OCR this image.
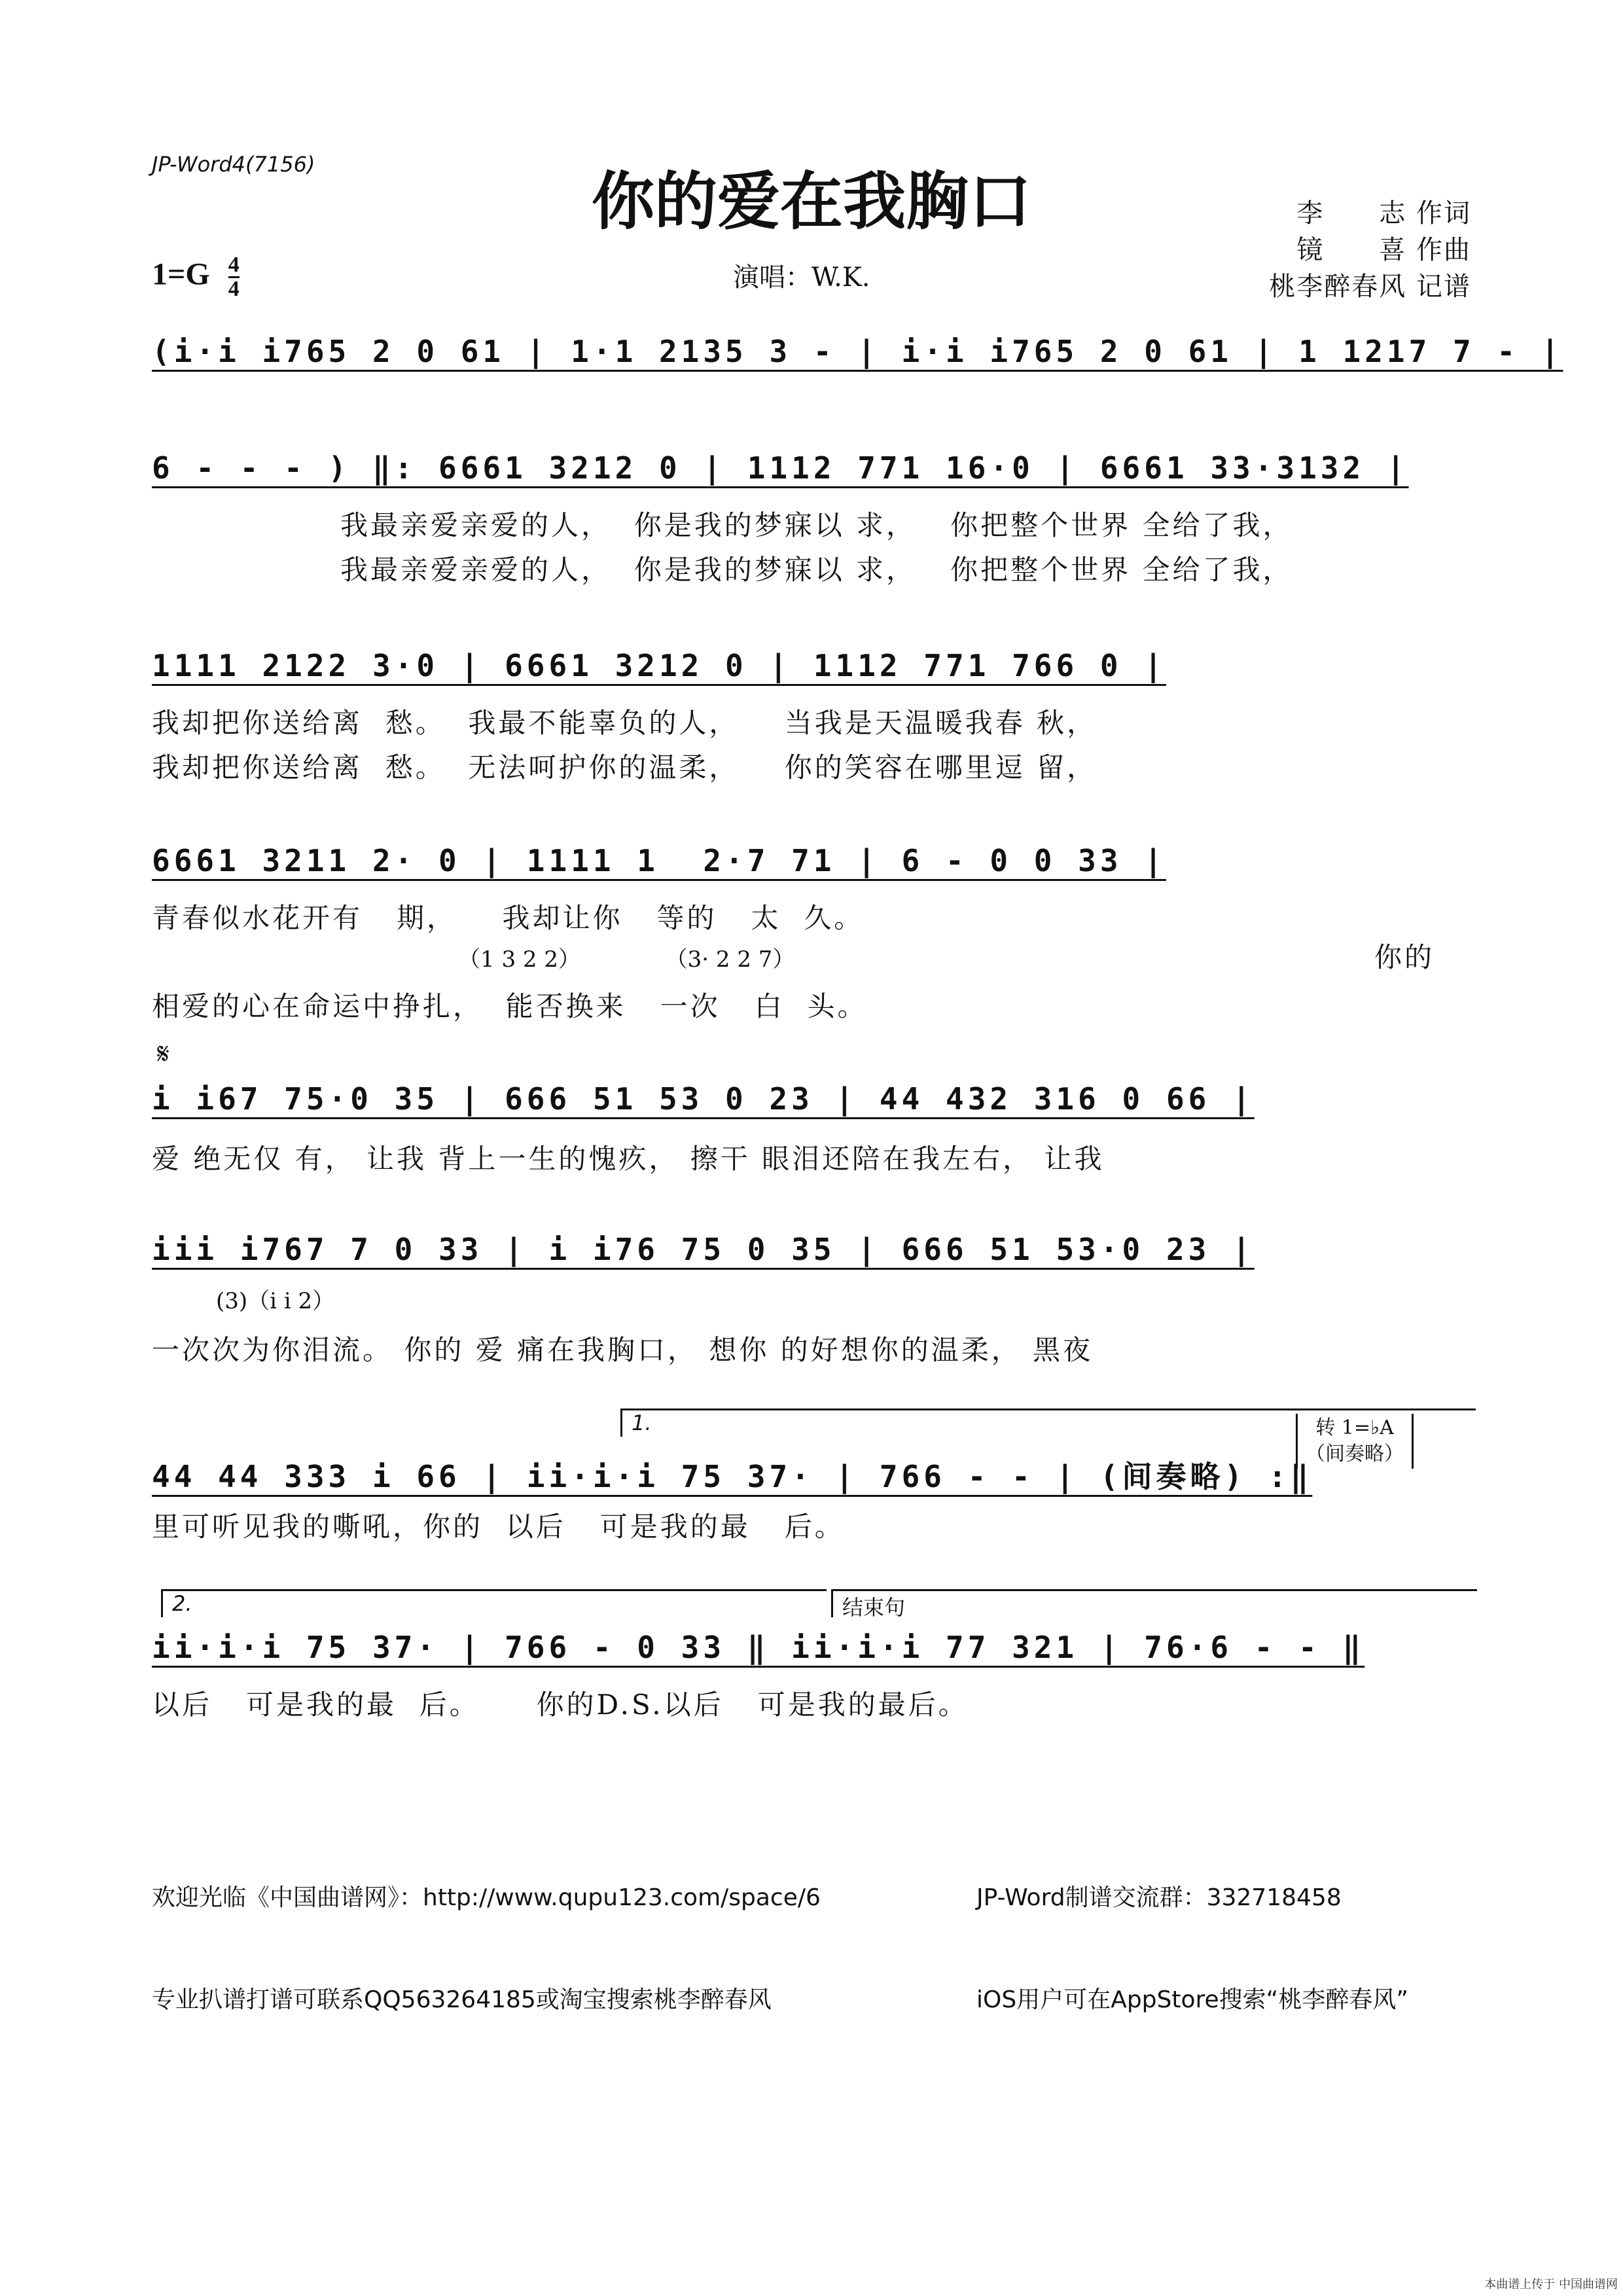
JP-Word4(7156)	你的爱在我胸口
$1=G \frac{4}{4}$	演唱：W.K.
李　　志 作词
镜　　喜 作曲
桃李醉春风 记谱
(i·i i765 2 0 61 | 1·1 2135 3 - | i·i i765 2 0 61 | 1 1217 7 - |
6 - - - ) ‖: 6661 3212 0 | 1112 771 16·0 | 6661 33·3132 |
我最亲爱亲爱的人，  你是我的梦寐以 求，   你把整个世界 全给了我，
我最亲爱亲爱的人，  你是我的梦寐以 求，   你把整个世界 全给了我，
1111 2122 3·0 | 6661 3212 0 | 1112 771 766 0 |
我却把你送给离  愁。  我最不能辜负的人，    当我是天温暖我春 秋，
我却把你送给离  愁。  无法呵护你的温柔，    你的笑容在哪里逗 留，
6661 3211 2· 0 | 1111 1  2·7 71 | 6 - 0 0 33 |
青春似水花开有   期，    我却让你   等的   太  久。
（1 3 2 2）            （3· 2 2 7）	你的
相爱的心在命运中挣扎，  能否换来   一次   白  头。
𝄋
i i67 75·0 35 | 666 51 53 0 23 | 44 432 316 0 66 |
爱 绝无仅 有， 让我 背上一生的愧疚， 擦干 眼泪还陪在我左右， 让我
iii i767 7 0 33 | i i76 75 0 35 | 666 51 53·0 23 |
(3)（i i 2）
一次次为你泪流。 你的 爱 痛在我胸口， 想你 的好想你的温柔， 黑夜
1.	转 1=♭A
（间奏略）
44 44 333 i 66 | ii·i·i 75 37· | 766 - - | (间奏略) :‖
里可听见我的嘶吼，你的  以后   可是我的最   后。
2.	结束句
ii·i·i 75 37· | 766 - 0 33 ‖ ii·i·i 77 321 | 76·6 - - ‖
以后   可是我的最  后。     你的D.S.以后   可是我的最后。

欢迎光临《中国曲谱网》：http://www.qupu123.com/space/6

专业扒谱打谱可联系QQ563264185或淘宝搜索桃李醉春风

JP-Word制谱交流群：332718458

iOS用户可在AppStore搜索“桃李醉春风”

本曲谱上传于 中国曲谱网
